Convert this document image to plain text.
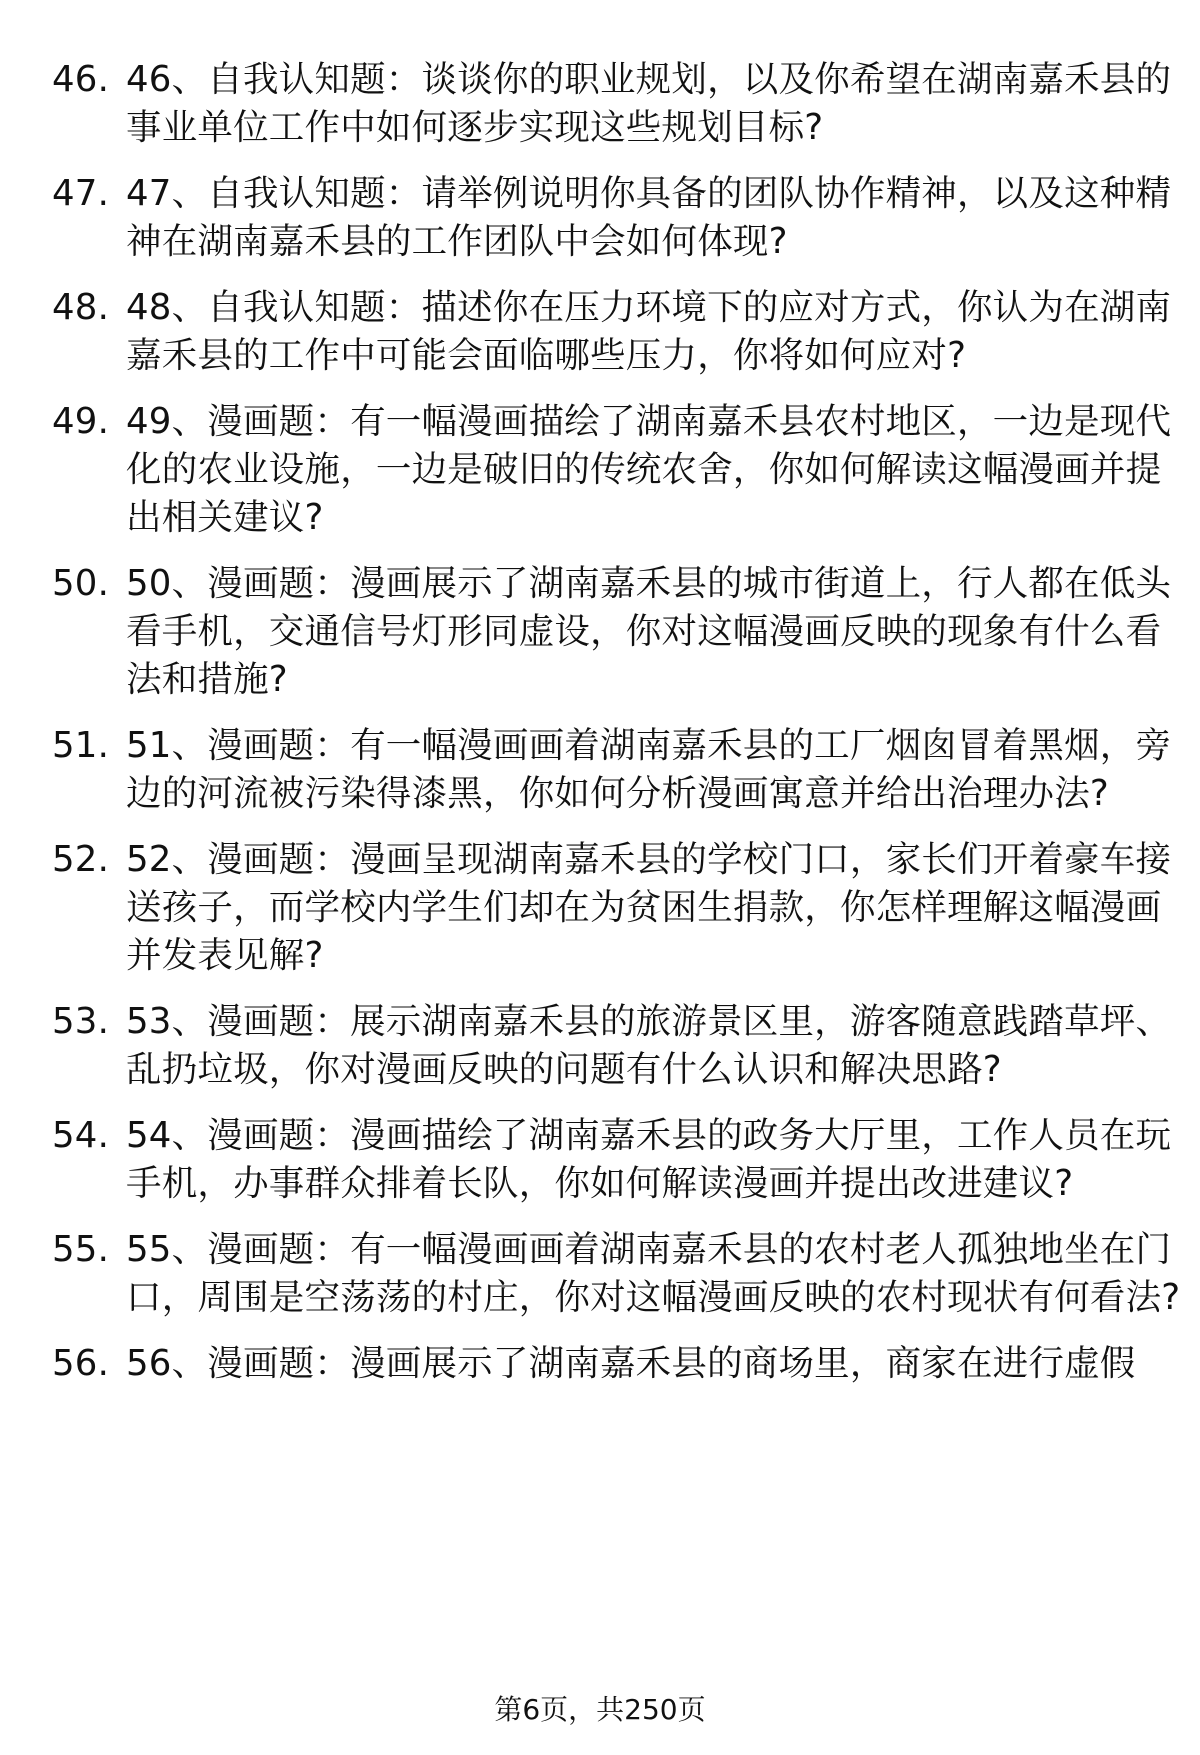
46. 46、自我认知题：谈谈你的职业规划，以及你希望在湖南嘉禾县的事业单位工作中如何逐步实现这些规划目标?
47. 47、自我认知题：请举例说明你具备的团队协作精神，以及这种精神在湖南嘉禾县的工作团队中会如何体现?
48. 48、自我认知题：描述你在压力环境下的应对方式，你认为在湖南嘉禾县的工作中可能会面临哪些压力，你将如何应对?
49. 49、漫画题：有一幅漫画描绘了湖南嘉禾县农村地区，一边是现代化的农业设施，一边是破旧的传统农舍，你如何解读这幅漫画并提出相关建议?
50. 50、漫画题：漫画展示了湖南嘉禾县的城市街道上，行人都在低头看手机，交通信号灯形同虚设，你对这幅漫画反映的现象有什么看法和措施?
51. 51、漫画题：有一幅漫画画着湖南嘉禾县的工厂烟囱冒着黑烟，旁边的河流被污染得漆黑，你如何分析漫画寓意并给出治理办法?
52. 52、漫画题：漫画呈现湖南嘉禾县的学校门口，家长们开着豪车接送孩子，而学校内学生们却在为贫困生捐款，你怎样理解这幅漫画并发表见解?
53. 53、漫画题：展示湖南嘉禾县的旅游景区里，游客随意践踏草坪、乱扔垃圾，你对漫画反映的问题有什么认识和解决思路?
54. 54、漫画题：漫画描绘了湖南嘉禾县的政务大厅里，工作人员在玩手机，办事群众排着长队，你如何解读漫画并提出改进建议?
55. 55、漫画题：有一幅漫画画着湖南嘉禾县的农村老人孤独地坐在门口，周围是空荡荡的村庄，你对这幅漫画反映的农村现状有何看法?
56. 56、漫画题：漫画展示了湖南嘉禾县的商场里，商家在进行虚假
第6页，共250页
